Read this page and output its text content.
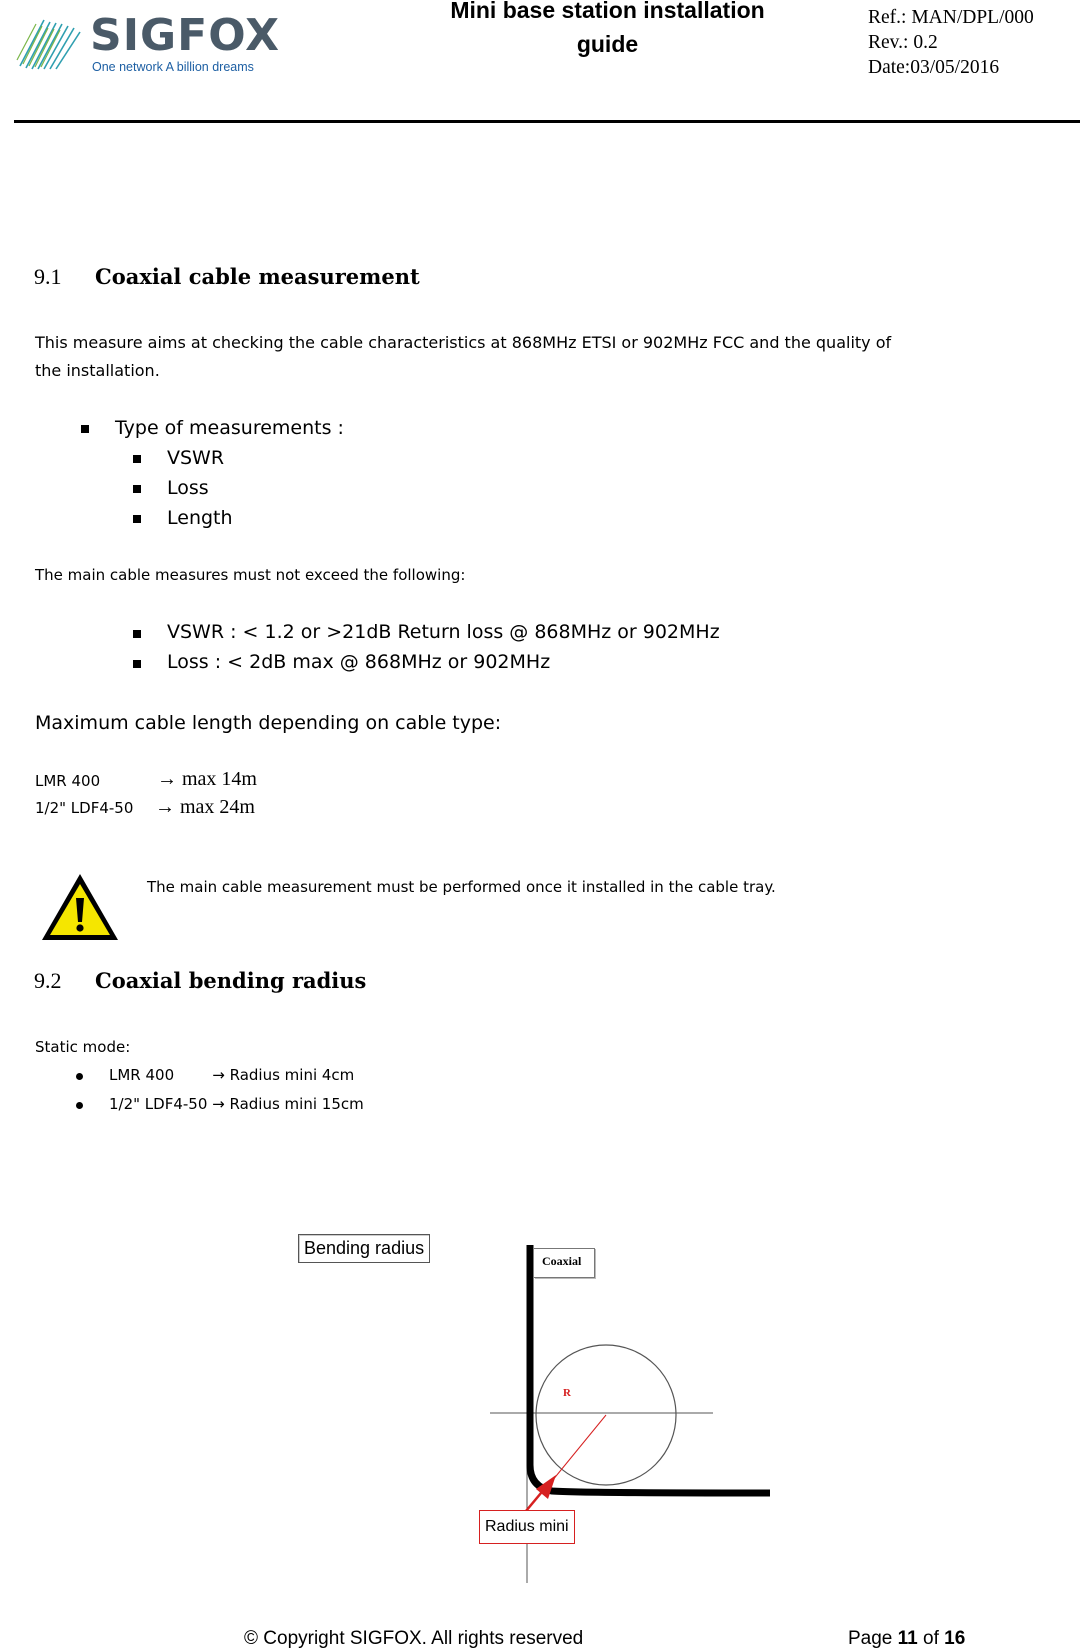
SIGFOX
One network A billion dreams
Mini base station installation
guide
Ref.: MAN/DPL/000
Rev.: 0.2
Date:03/05/2016
9.1 Coaxial cable measurement
This measure aims at checking the cable characteristics at 868MHz ETSI or 902MHz FCC and the quality of
the installation.
Type of measurements :
VSWR
Loss
Length
The main cable measures must not exceed the following:
VSWR : < 1.2 or >21dB Return loss @ 868MHz or 902MHz
Loss : < 2dB max @ 868MHz or 902MHz
Maximum cable length depending on cable type:
LMR 400	→ max 14m
1/2" LDF4-50 → max 24m
The main cable measurement must be performed once it installed in the cable tray.
9.2 Coaxial bending radius
Static mode:
LMR 400        → Radius mini 4cm
1/2" LDF4-50 → Radius mini 15cm
Coaxial
R
Bending radius
Radius mini
© Copyright SIGFOX. All rights reserved	Page 11 of 16
